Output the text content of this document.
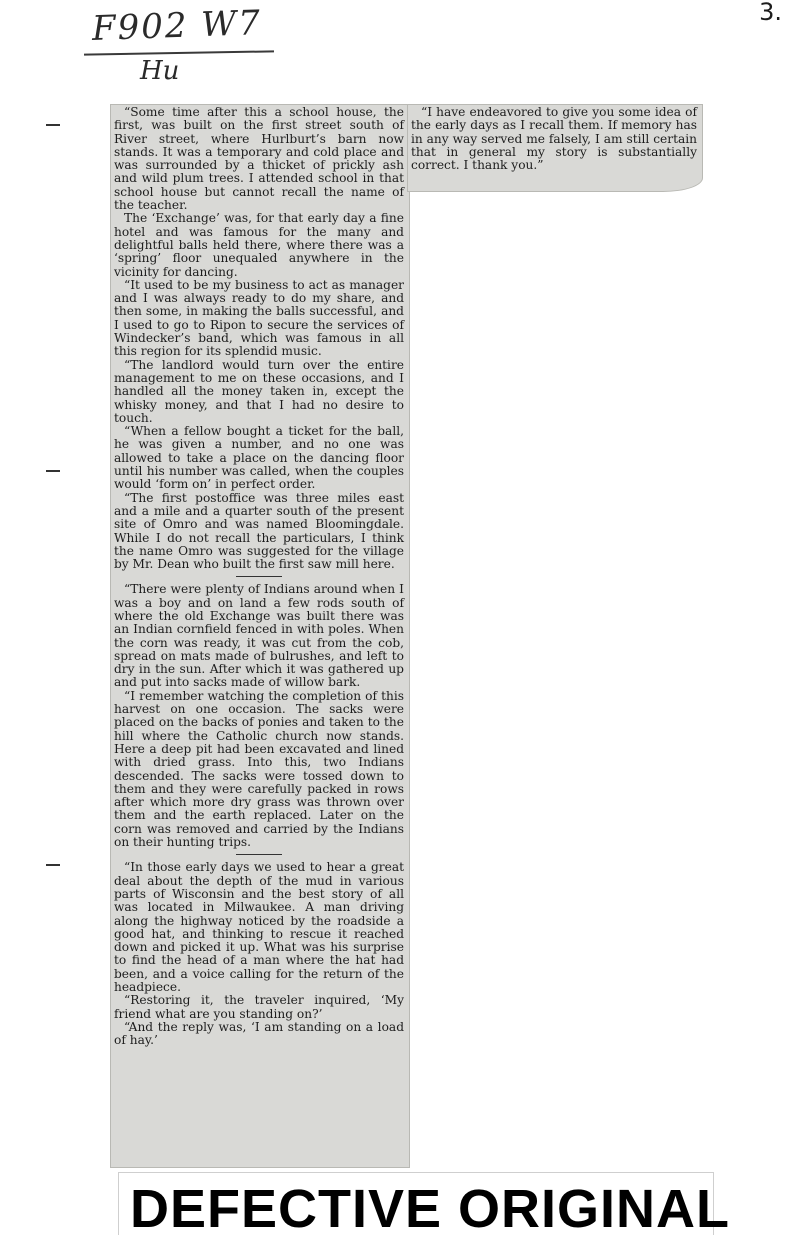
F902 W7
Hu
3.

“Some time after this a school house, the first, was built on the first street south of River street, where Hurlburt’s barn now stands. It was a temporary and cold place and was surrounded by a thicket of prickly ash and wild plum trees. I attended school in that school house but cannot recall the name of the teacher.

The ‘Exchange’ was, for that early day a fine hotel and was famous for the many and delightful balls held there, where there was a ‘spring’ floor unequaled anywhere in the vicinity for dancing.

“It used to be my business to act as manager and I was always ready to do my share, and then some, in making the balls successful, and I used to go to Ripon to secure the services of Windecker’s band, which was famous in all this region for its splendid music.

“The landlord would turn over the entire management to me on these occasions, and I handled all the money taken in, except the whisky money, and that I had no desire to touch.

“When a fellow bought a ticket for the ball, he was given a number, and no one was allowed to take a place on the dancing floor until his number was called, when the couples would ‘form on’ in perfect order.

“The first postoffice was three miles east and a mile and a quarter south of the present site of Omro and was named Bloomingdale. While I do not recall the particulars, I think the name Omro was suggested for the village by Mr. Dean who built the first saw mill here.

“There were plenty of Indians around when I was a boy and on land a few rods south of where the old Exchange was built there was an Indian cornfield fenced in with poles. When the corn was ready, it was cut from the cob, spread on mats made of bulrushes, and left to dry in the sun. After which it was gathered up and put into sacks made of willow bark.

“I remember watching the completion of this harvest on one occasion. The sacks were placed on the backs of ponies and taken to the hill where the Catholic church now stands. Here a deep pit had been excavated and lined with dried grass. Into this, two Indians descended. The sacks were tossed down to them and they were carefully packed in rows after which more dry grass was thrown over them and the earth replaced. Later on the corn was removed and carried by the Indians on their hunting trips.

“In those early days we used to hear a great deal about the depth of the mud in various parts of Wisconsin and the best story of all was located in Milwaukee. A man driving along the highway noticed by the roadside a good hat, and thinking to rescue it reached down and picked it up. What was his surprise to find the head of a man where the hat had been, and a voice calling for the return of the headpiece.

“Restoring it, the traveler inquired, ‘My friend what are you standing on?’

“And the reply was, ‘I am standing on a load of hay.’

“I have endeavored to give you some idea of the early days as I recall them. If memory has in any way served me falsely, I am still certain that in general my story is substantially correct. I thank you.”

DEFECTIVE ORIGINAL
